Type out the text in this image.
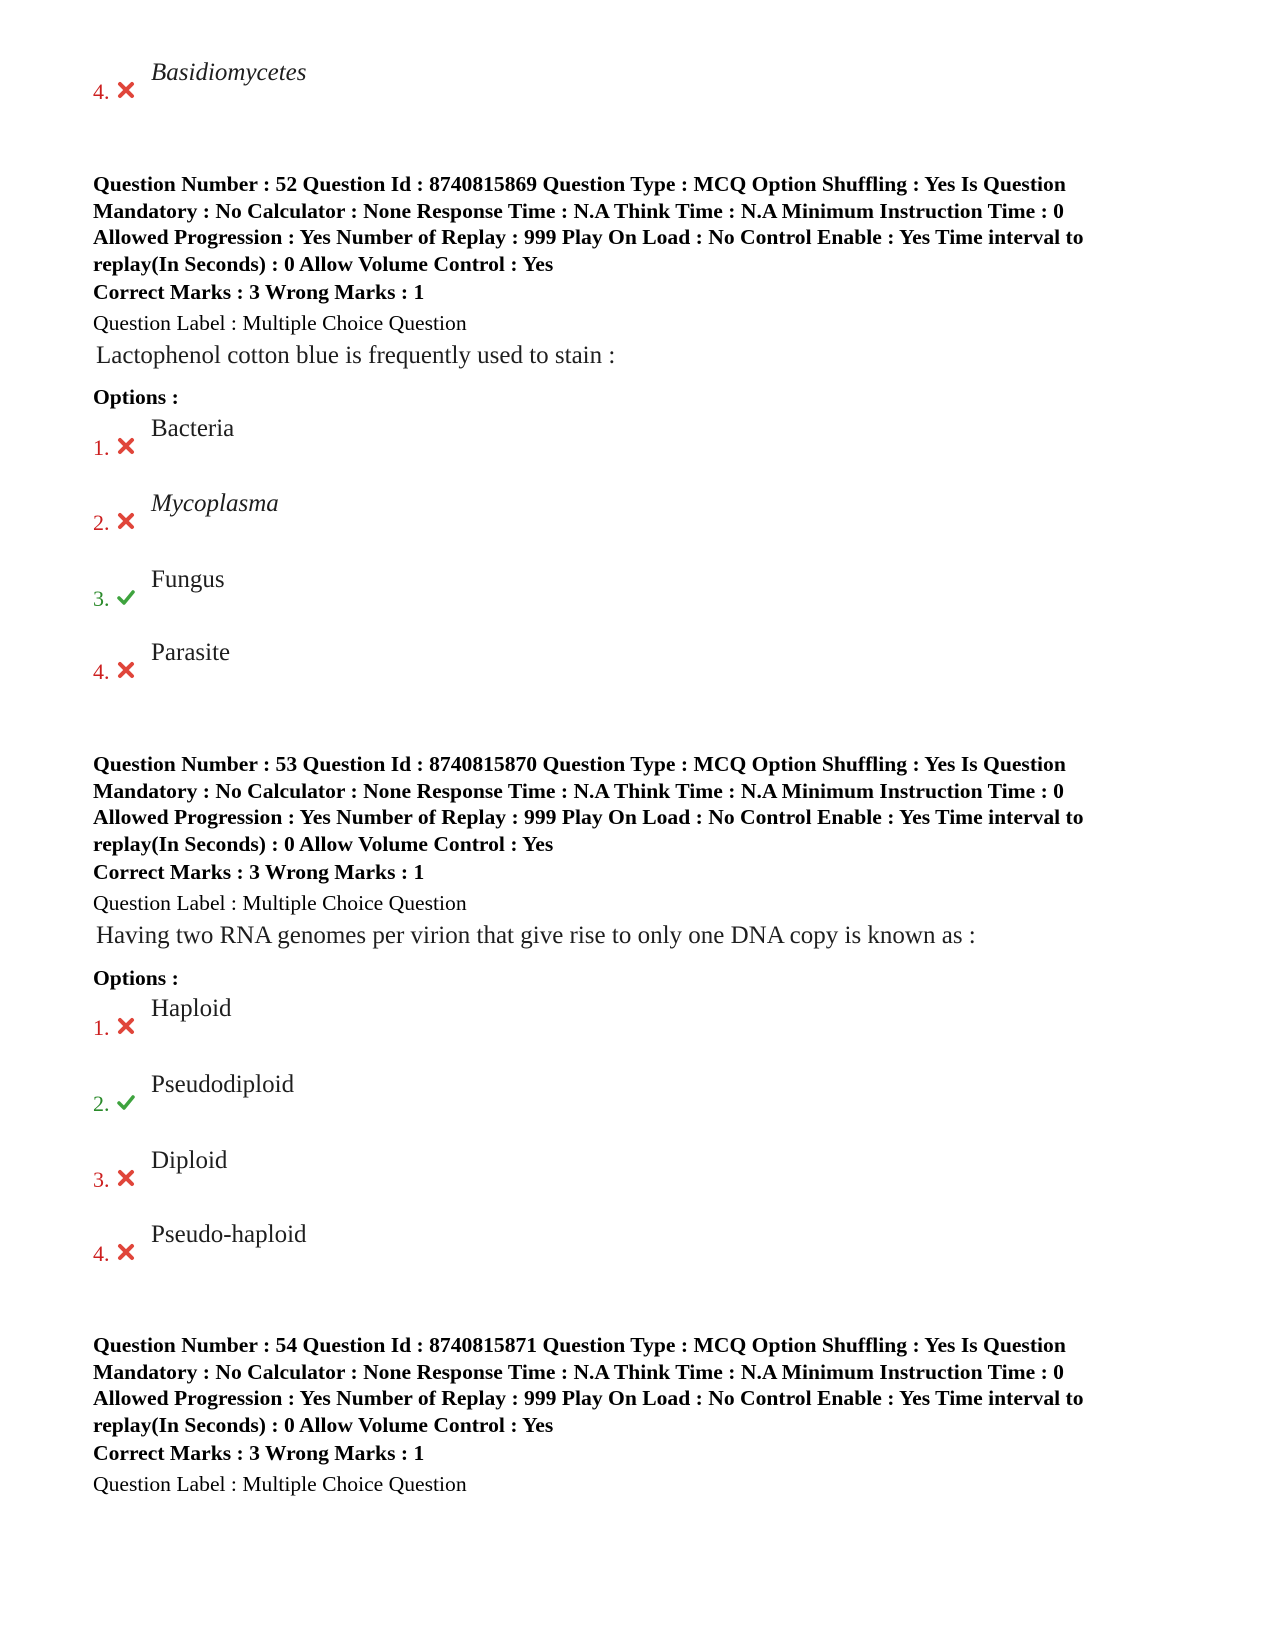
4.
Basidiomycetes
Question Number : 52 Question Id : 8740815869 Question Type : MCQ Option Shuffling : Yes Is Question
Mandatory : No Calculator : None Response Time : N.A Think Time : N.A Minimum Instruction Time : 0
Allowed Progression : Yes Number of Replay : 999 Play On Load : No Control Enable : Yes Time interval to
replay(In Seconds) : 0 Allow Volume Control : Yes
Correct Marks : 3 Wrong Marks : 1
Question Label : Multiple Choice Question
Lactophenol cotton blue is frequently used to stain :
Options :
1.
Bacteria
2.
Mycoplasma
3.
Fungus
4.
Parasite
Question Number : 53 Question Id : 8740815870 Question Type : MCQ Option Shuffling : Yes Is Question
Mandatory : No Calculator : None Response Time : N.A Think Time : N.A Minimum Instruction Time : 0
Allowed Progression : Yes Number of Replay : 999 Play On Load : No Control Enable : Yes Time interval to
replay(In Seconds) : 0 Allow Volume Control : Yes
Correct Marks : 3 Wrong Marks : 1
Question Label : Multiple Choice Question
Having two RNA genomes per virion that give rise to only one DNA copy is known as :
Options :
1.
Haploid
2.
Pseudodiploid
3.
Diploid
4.
Pseudo-haploid
Question Number : 54 Question Id : 8740815871 Question Type : MCQ Option Shuffling : Yes Is Question
Mandatory : No Calculator : None Response Time : N.A Think Time : N.A Minimum Instruction Time : 0
Allowed Progression : Yes Number of Replay : 999 Play On Load : No Control Enable : Yes Time interval to
replay(In Seconds) : 0 Allow Volume Control : Yes
Correct Marks : 3 Wrong Marks : 1
Question Label : Multiple Choice Question
